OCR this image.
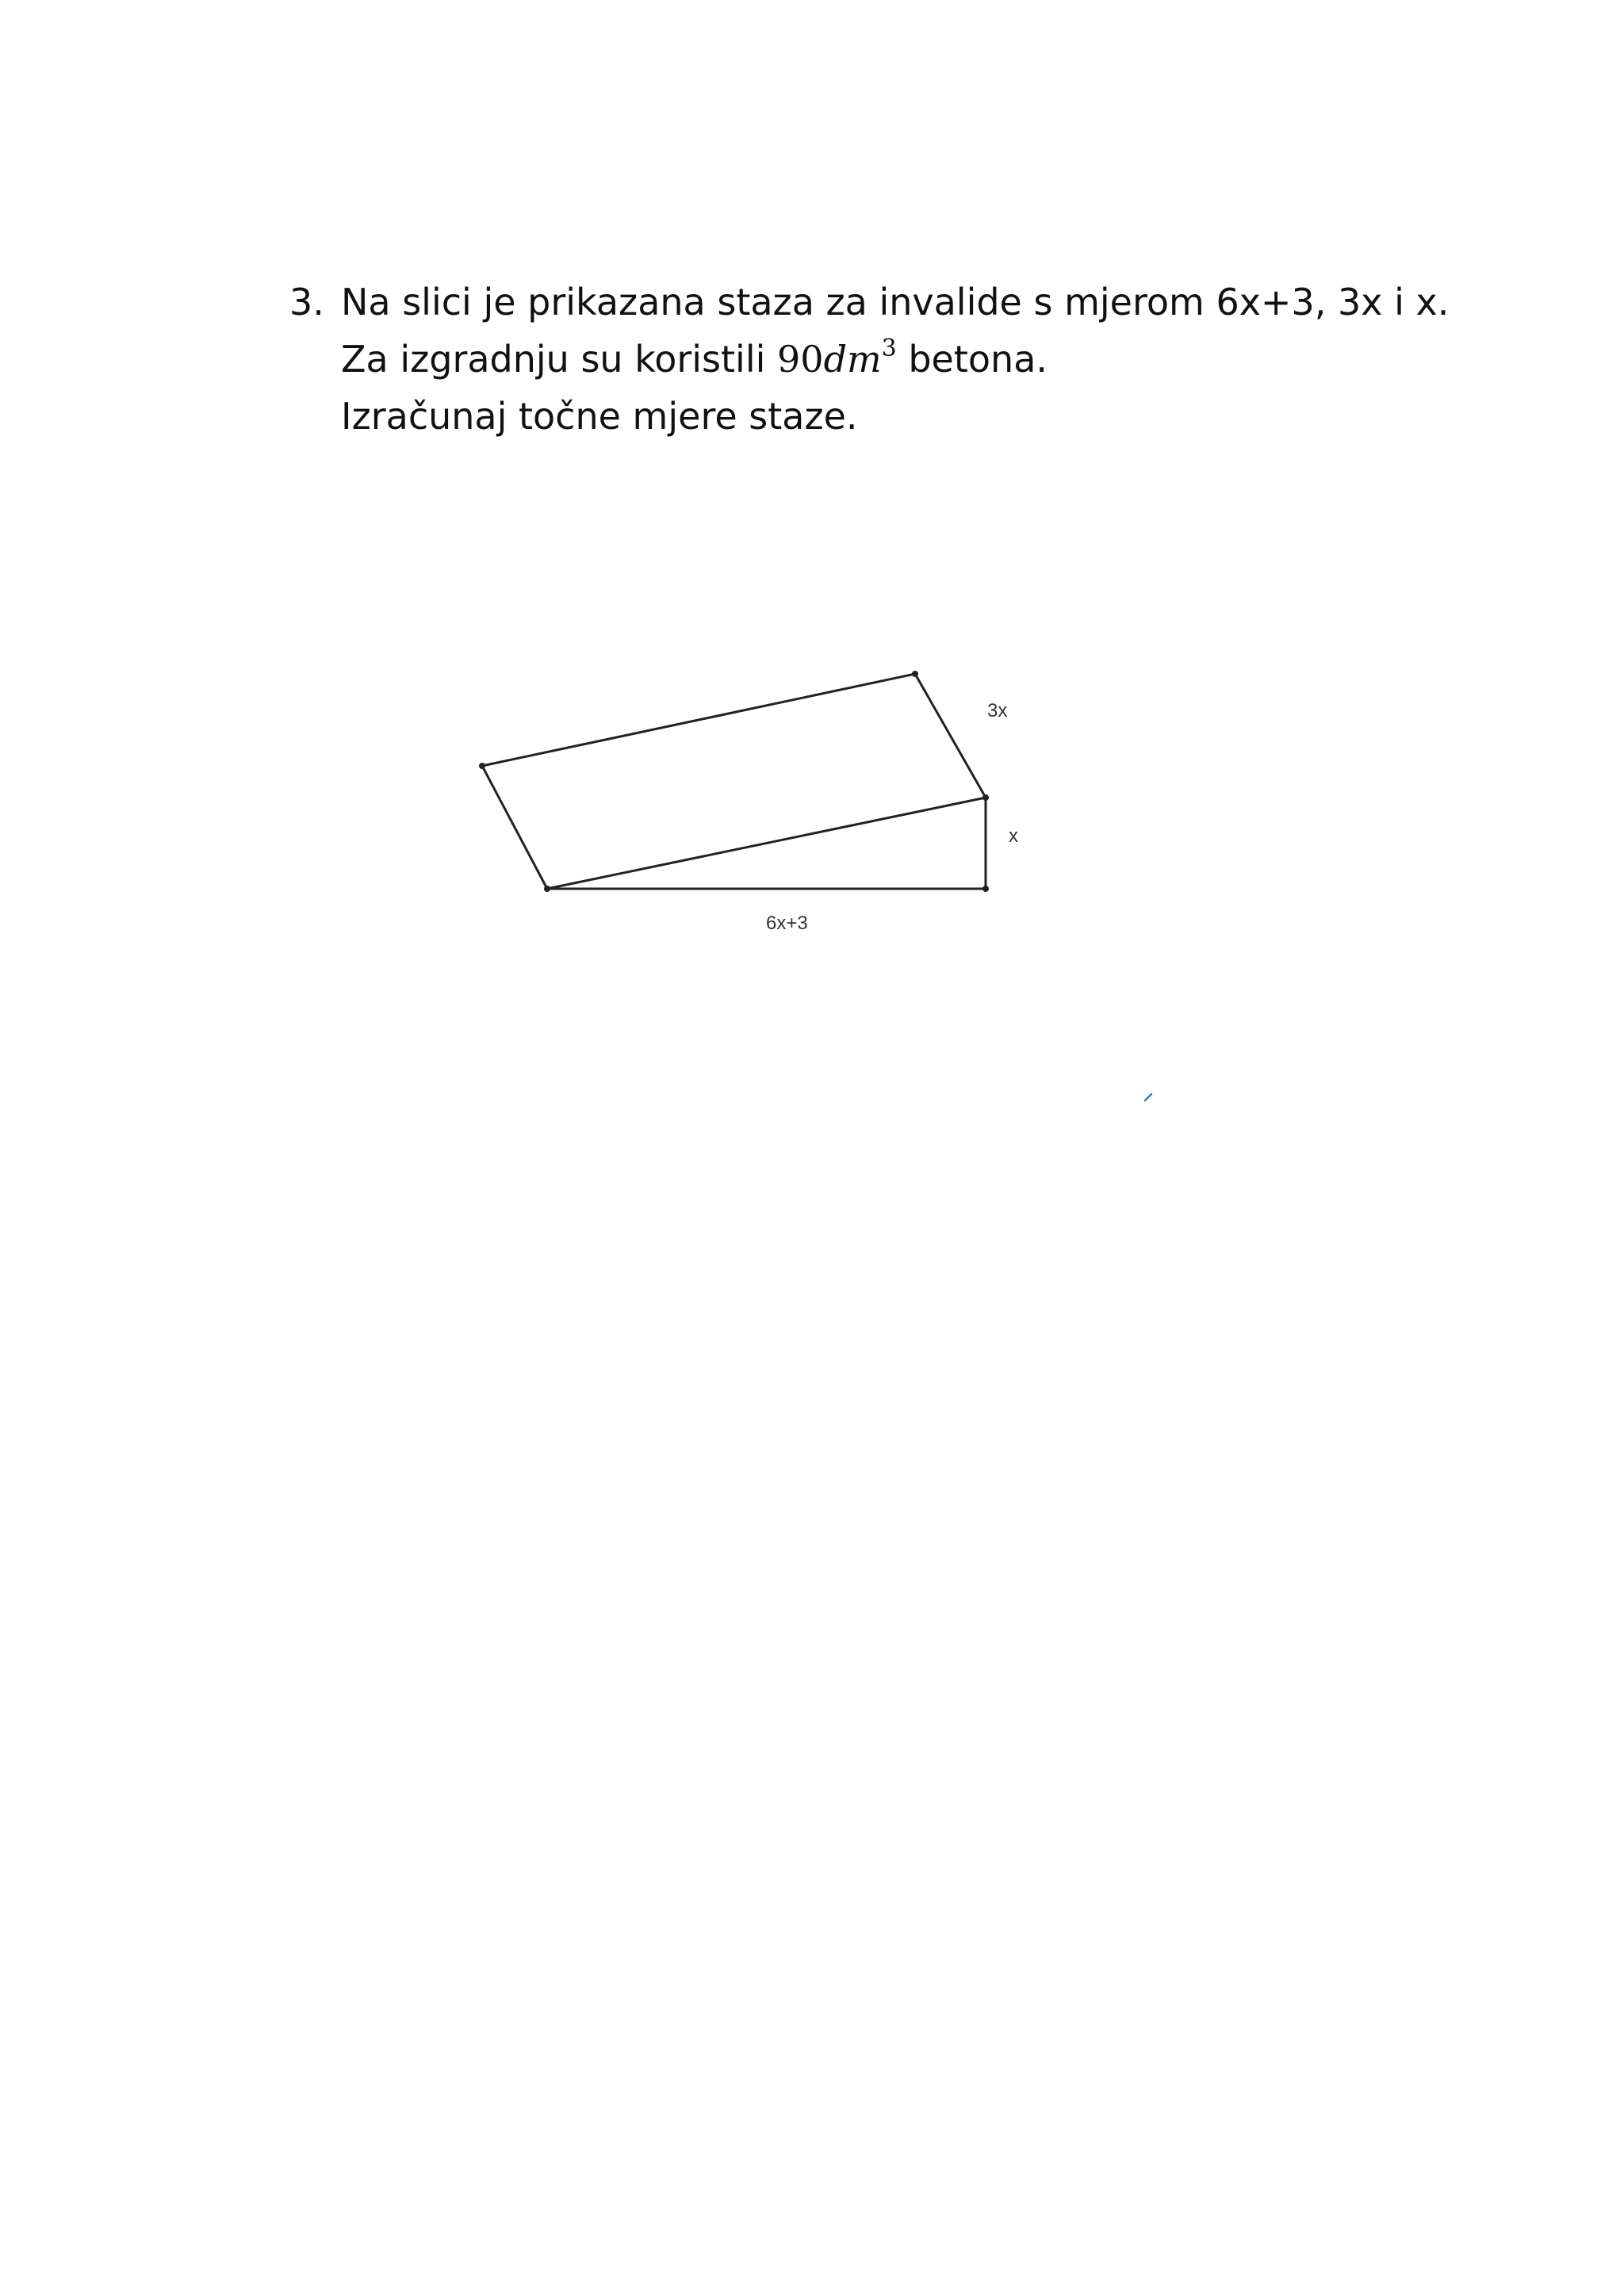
3. Na slici je prikazana staza za invalide s mjerom 6x+3, 3x i x.
Za izgradnju su koristili $90dm^3$ betona.
Izračunaj točne mjere staze.
3x
x
6x+3
